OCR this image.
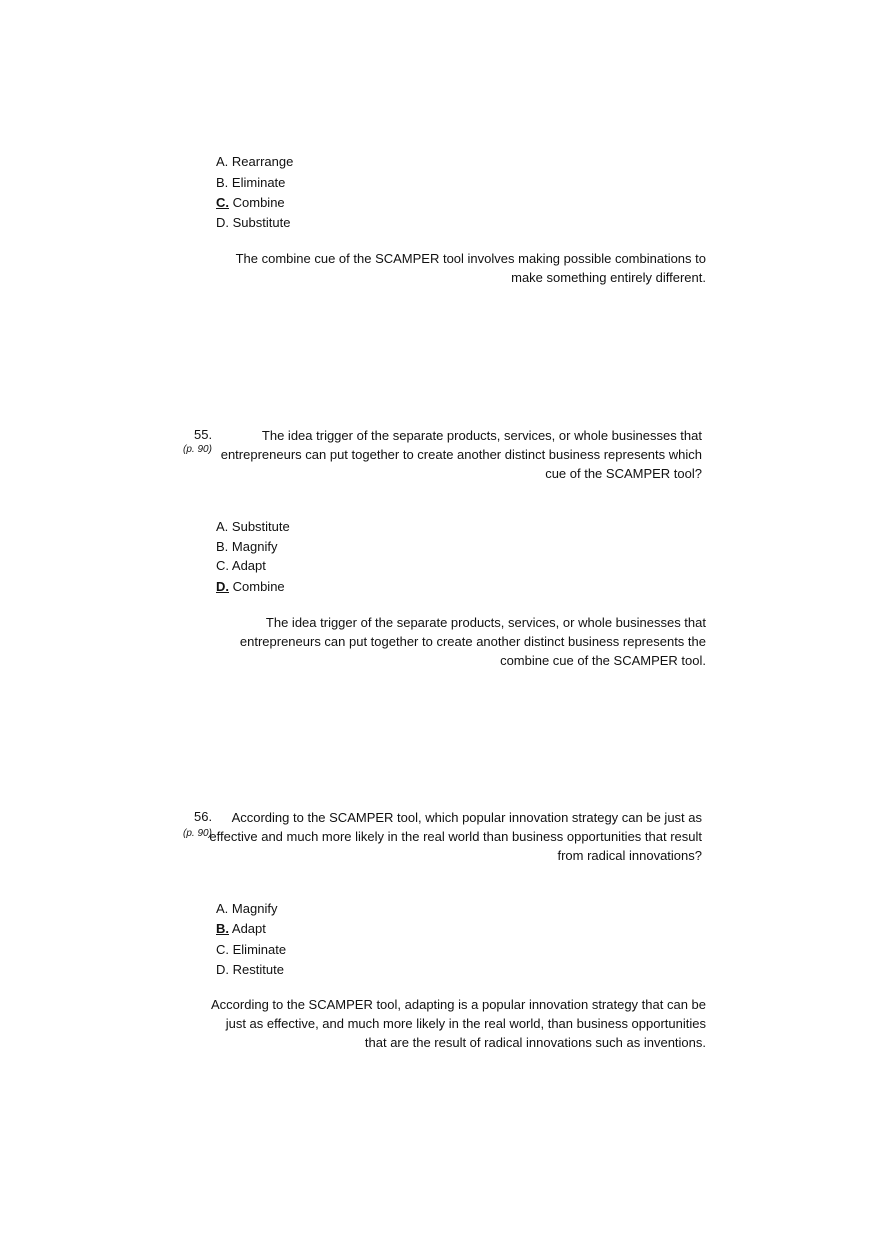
A. Rearrange
B. Eliminate
C. Combine
D. Substitute
The combine cue of the SCAMPER tool involves making possible combinations to
make something entirely different.
55.
(p. 90)
The idea trigger of the separate products, services, or whole businesses that
entrepreneurs can put together to create another distinct business represents which
cue of the SCAMPER tool?
A. Substitute
B. Magnify
C. Adapt
D. Combine
The idea trigger of the separate products, services, or whole businesses that
entrepreneurs can put together to create another distinct business represents the
combine cue of the SCAMPER tool.
56.
(p. 90)
According to the SCAMPER tool, which popular innovation strategy can be just as
effective and much more likely in the real world than business opportunities that result
from radical innovations?
A. Magnify
B. Adapt
C. Eliminate
D. Restitute
According to the SCAMPER tool, adapting is a popular innovation strategy that can be
just as effective, and much more likely in the real world, than business opportunities
that are the result of radical innovations such as inventions.
